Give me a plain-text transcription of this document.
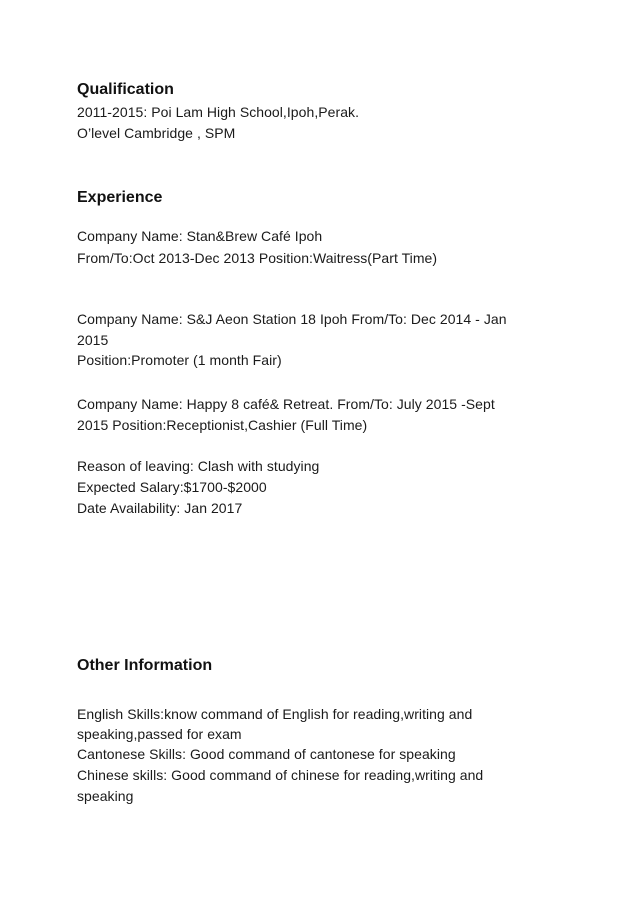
Qualification
2011-2015: Poi Lam High School,Ipoh,Perak.
O’level Cambridge , SPM
Experience
Company Name: Stan&Brew Café Ipoh
From/To:Oct 2013-Dec 2013 Position:Waitress(Part Time)
Company Name: S&J Aeon Station 18 Ipoh From/To: Dec 2014 - Jan
2015
Position:Promoter (1 month Fair)
Company Name: Happy 8 café& Retreat. From/To: July 2015 -Sept
2015 Position:Receptionist,Cashier (Full Time)
Reason of leaving: Clash with studying
Expected Salary:$1700-$2000
Date Availability: Jan 2017
Other Information
English Skills:know command of English for reading,writing and
speaking,passed for exam
Cantonese Skills: Good command of cantonese for speaking
Chinese skills: Good command of chinese for reading,writing and
speaking
